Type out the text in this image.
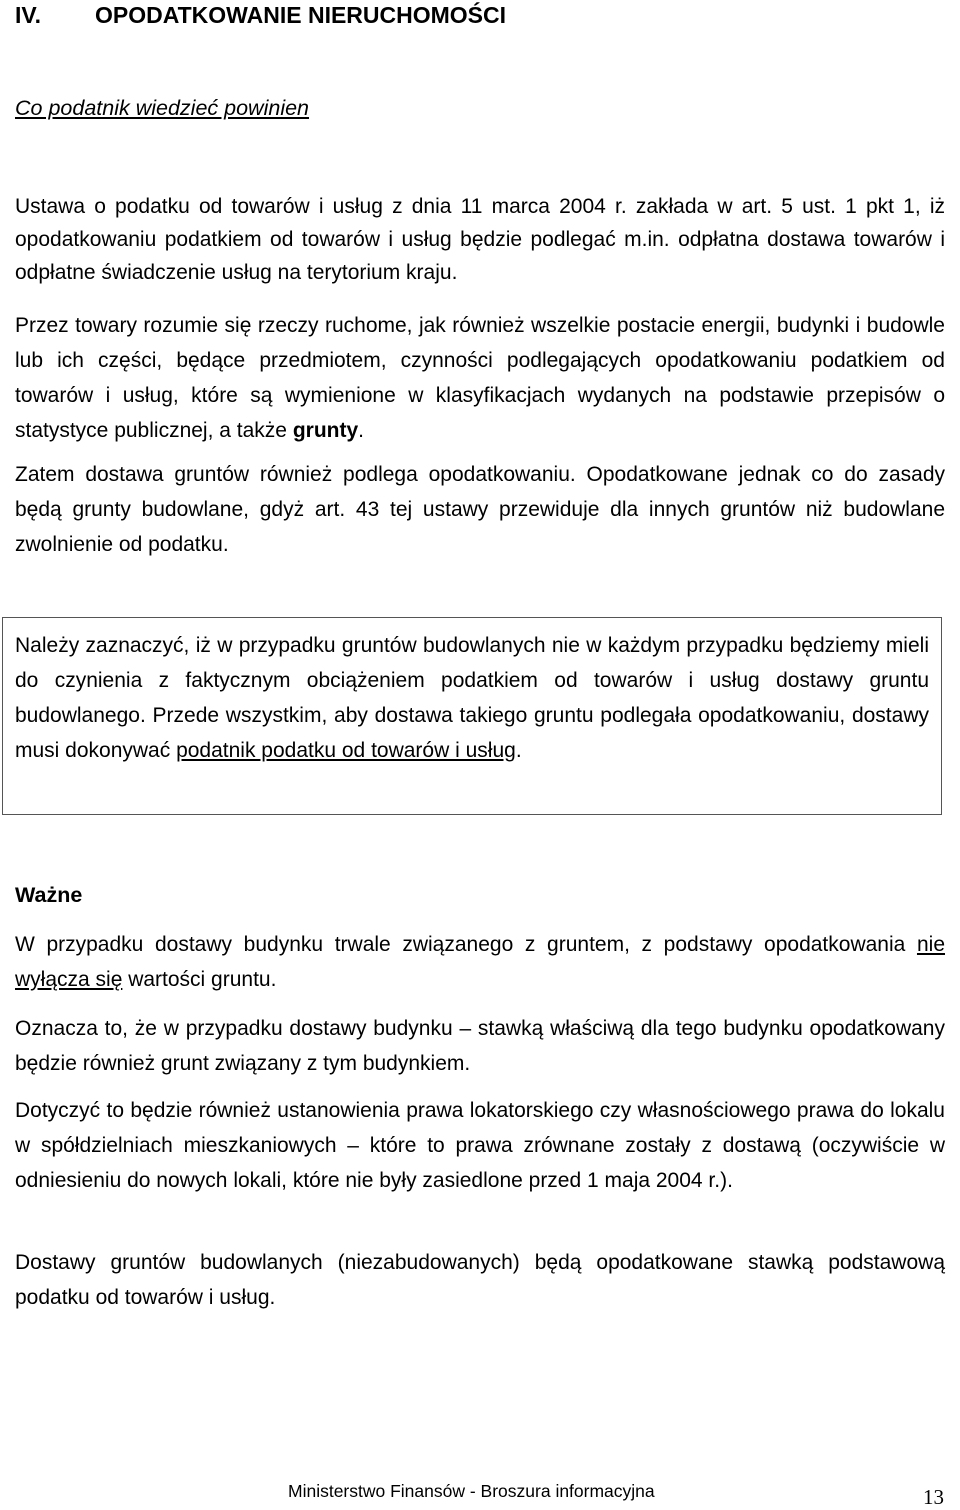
IV. OPODATKOWANIE NIERUCHOMOŚCI
Co podatnik wiedzieć powinien

Ustawa o podatku od towarów i usług z dnia 11 marca 2004 r. zakłada w art. 5 ust. 1 pkt 1, iż opodatkowaniu podatkiem od towarów i usług będzie podlegać m.in. odpłatna dostawa towarów i odpłatne świadczenie usług na terytorium kraju.

Przez towary rozumie się rzeczy ruchome, jak również wszelkie postacie energii, budynki i budowle lub ich części, będące przedmiotem, czynności podlegających opodatkowaniu podatkiem od towarów i usług, które są wymienione w klasyfikacjach wydanych na podstawie przepisów o statystyce publicznej, a także grunty.

Zatem dostawa gruntów również podlega opodatkowaniu. Opodatkowane jednak co do zasady będą grunty budowlane, gdyż art. 43 tej ustawy przewiduje dla innych gruntów niż budowlane zwolnienie od podatku.

Należy zaznaczyć, iż w przypadku gruntów budowlanych nie w każdym przypadku będziemy mieli do czynienia z faktycznym obciążeniem podatkiem od towarów i usług dostawy gruntu budowlanego. Przede wszystkim, aby dostawa takiego gruntu podlegała opodatkowaniu, dostawy musi dokonywać podatnik podatku od towarów i usług.

Ważne

W przypadku dostawy budynku trwale związanego z gruntem, z podstawy opodatkowania nie wyłącza się wartości gruntu.

Oznacza to, że w przypadku dostawy budynku – stawką właściwą dla tego budynku opodatkowany będzie również grunt związany z tym budynkiem.

Dotyczyć to będzie również ustanowienia prawa lokatorskiego czy własnościowego prawa do lokalu w spółdzielniach mieszkaniowych – które to prawa zrównane zostały z dostawą (oczywiście w odniesieniu do nowych lokali, które nie były zasiedlone przed 1 maja 2004 r.).

Dostawy gruntów budowlanych (niezabudowanych) będą opodatkowane stawką podstawową podatku od towarów i usług.

Ministerstwo Finansów - Broszura informacyjna	13
